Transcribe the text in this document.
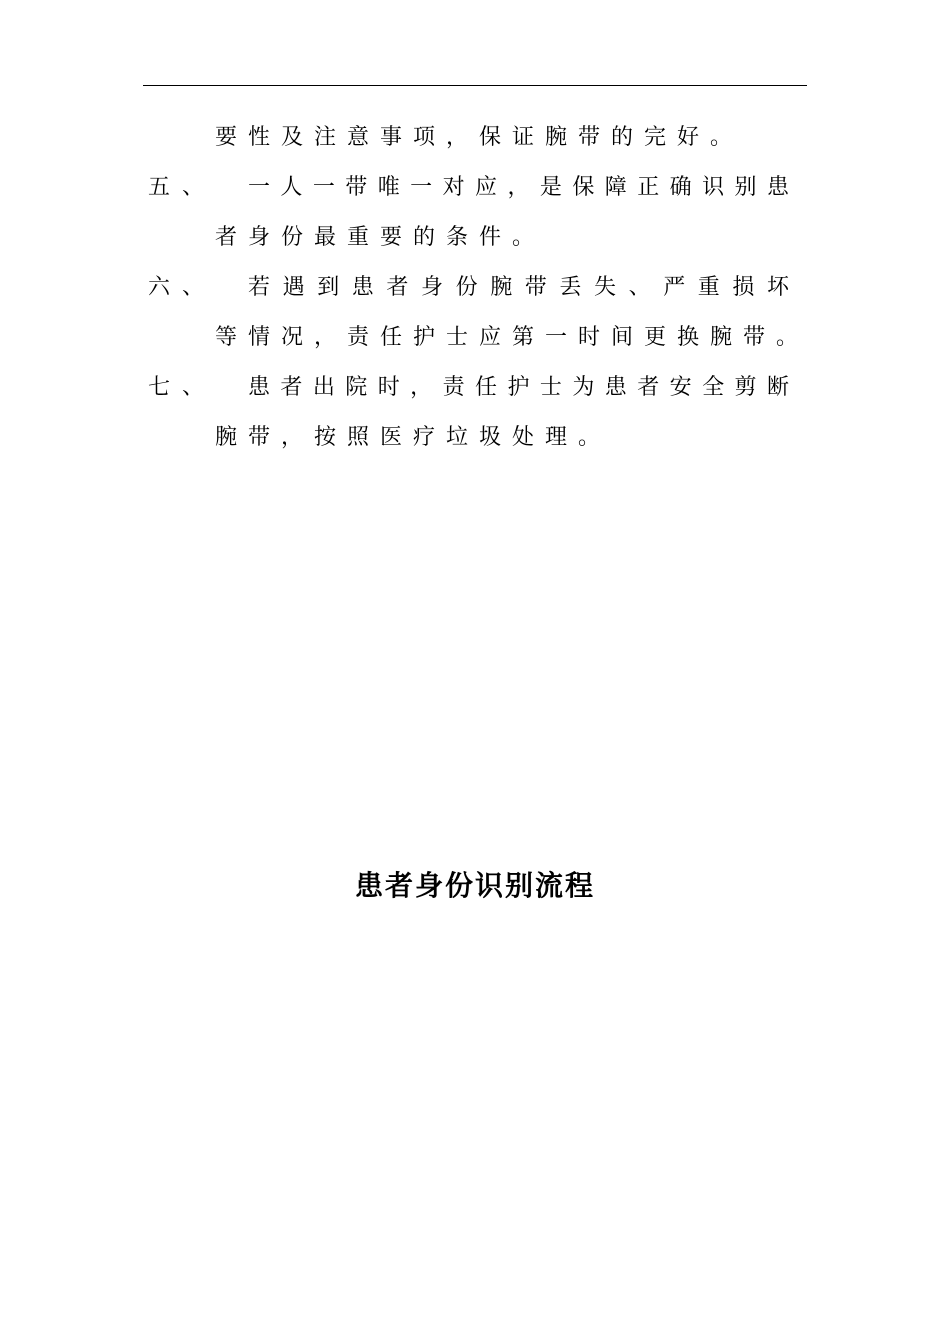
要性及注意事项，保证腕带的完好。
五、 一人一带唯一对应，是保障正确识别患
者身份最重要的条件。
六、 若遇到患者身份腕带丢失、严重损坏
等情况，责任护士应第一时间更换腕带。
七、 患者出院时，责任护士为患者安全剪断
腕带，按照医疗垃圾处理。
患者身份识别流程
